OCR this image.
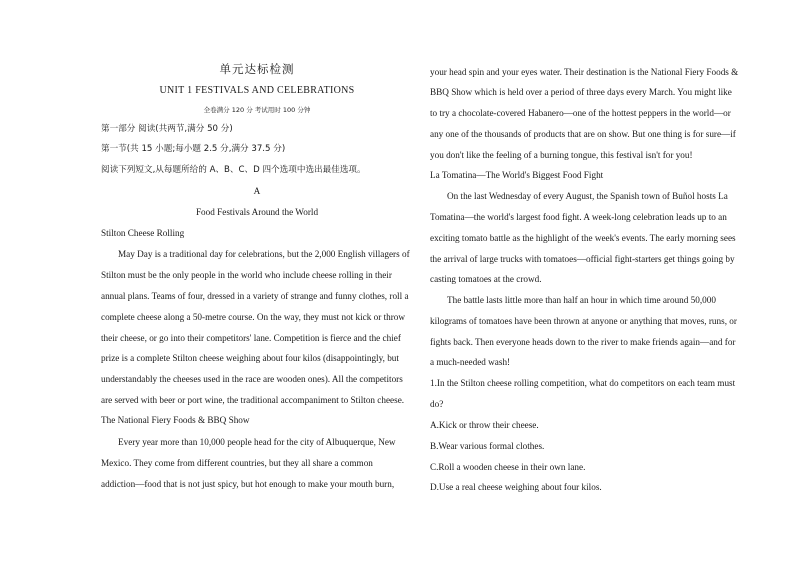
单元达标检测
UNIT 1 FESTIVALS AND CELEBRATIONS
全卷满分 120 分 考试用时 100 分钟
第一部分 阅读(共两节,满分 50 分)
第一节(共 15 小题;每小题 2.5 分,满分 37.5 分)
阅读下列短文,从每题所给的 A、B、C、D 四个选项中选出最佳选项。
A
Food Festivals Around the World
Stilton Cheese Rolling
May Day is a traditional day for celebrations, but the 2,000 English villagers of
Stilton must be the only people in the world who include cheese rolling in their
annual plans. Teams of four, dressed in a variety of strange and funny clothes, roll a
complete cheese along a 50-metre course. On the way, they must not kick or throw
their cheese, or go into their competitors' lane. Competition is fierce and the chief
prize is a complete Stilton cheese weighing about four kilos (disappointingly, but
understandably the cheeses used in the race are wooden ones). All the competitors
are served with beer or port wine, the traditional accompaniment to Stilton cheese.
The National Fiery Foods & BBQ Show
Every year more than 10,000 people head for the city of Albuquerque, New
Mexico. They come from different countries, but they all share a common
addiction—food that is not just spicy, but hot enough to make your mouth burn,
your head spin and your eyes water. Their destination is the National Fiery Foods &
BBQ Show which is held over a period of three days every March. You might like
to try a chocolate-covered Habanero—one of the hottest peppers in the world—or
any one of the thousands of products that are on show. But one thing is for sure—if
you don't like the feeling of a burning tongue, this festival isn't for you!
La Tomatina—The World's Biggest Food Fight
On the last Wednesday of every August, the Spanish town of Buñol hosts La
Tomatina—the world's largest food fight. A week-long celebration leads up to an
exciting tomato battle as the highlight of the week's events. The early morning sees
the arrival of large trucks with tomatoes—official fight-starters get things going by
casting tomatoes at the crowd.
The battle lasts little more than half an hour in which time around 50,000
kilograms of tomatoes have been thrown at anyone or anything that moves, runs, or
fights back. Then everyone heads down to the river to make friends again—and for
a much-needed wash!
1.In the Stilton cheese rolling competition, what do competitors on each team must
do?
A.Kick or throw their cheese.
B.Wear various formal clothes.
C.Roll a wooden cheese in their own lane.
D.Use a real cheese weighing about four kilos.
